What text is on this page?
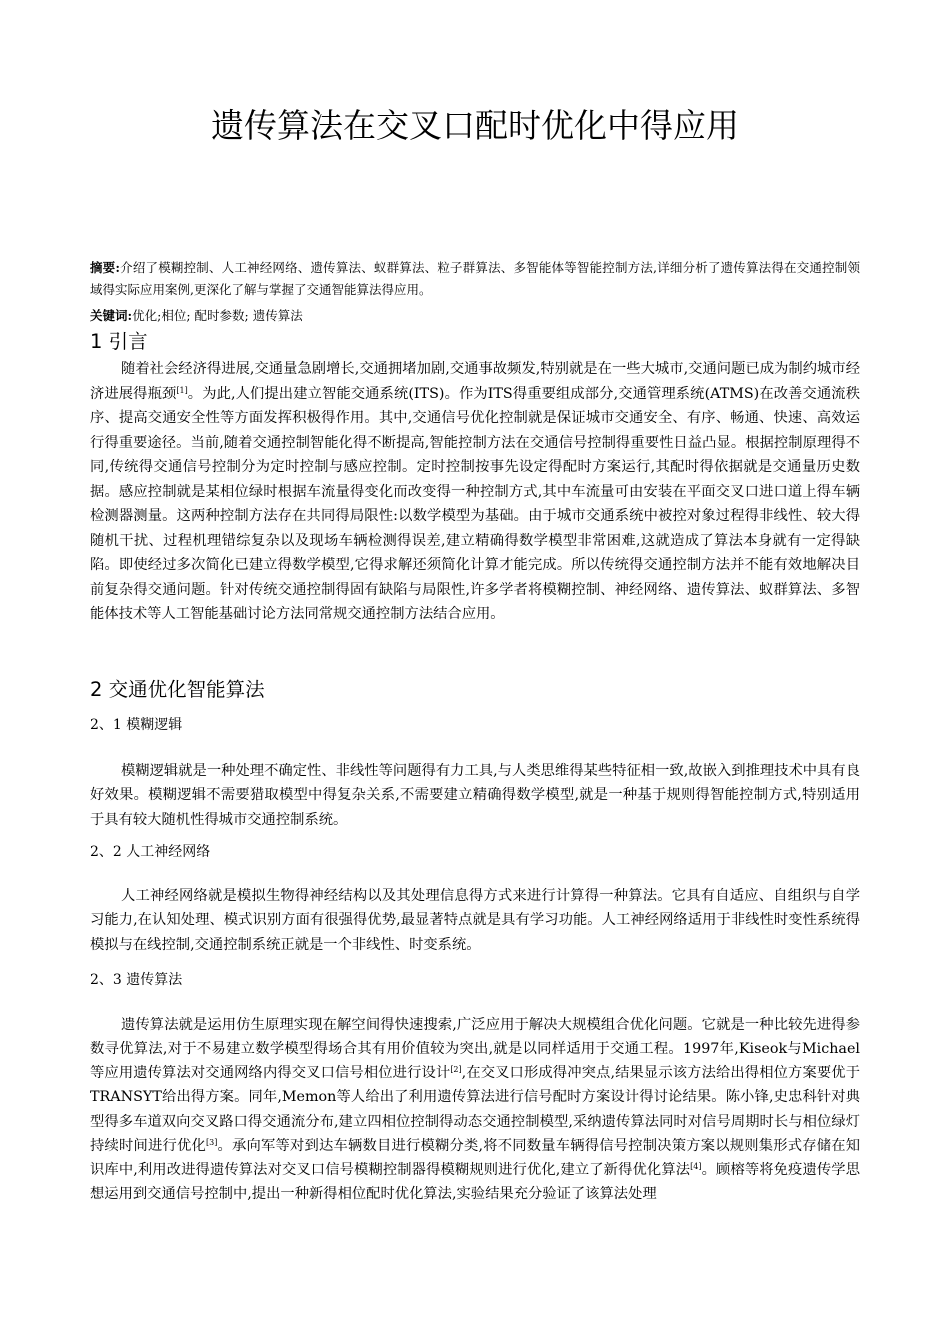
遗传算法在交叉口配时优化中得应用
摘要:介绍了模糊控制、人工神经网络、遗传算法、蚁群算法、粒子群算法、多智能体等智能控制方法,详细分析了遗传算法得在交通控制领域得实际应用案例,更深化了解与掌握了交通智能算法得应用。
关键词:优化;相位; 配时参数; 遗传算法
1 引言
随着社会经济得进展,交通量急剧增长,交通拥堵加剧,交通事故频发,特别就是在一些大城市,交通问题已成为制约城市经济进展得瓶颈[1]。为此,人们提出建立智能交通系统(ITS)。作为ITS得重要组成部分,交通管理系统(ATMS)在改善交通流秩序、提高交通安全性等方面发挥积极得作用。其中,交通信号优化控制就是保证城市交通安全、有序、畅通、快速、高效运行得重要途径。当前,随着交通控制智能化得不断提高,智能控制方法在交通信号控制得重要性日益凸显。根据控制原理得不同,传统得交通信号控制分为定时控制与感应控制。定时控制按事先设定得配时方案运行,其配时得依据就是交通量历史数据。感应控制就是某相位绿时根据车流量得变化而改变得一种控制方式,其中车流量可由安装在平面交叉口进口道上得车辆检测器测量。这两种控制方法存在共同得局限性:以数学模型为基础。由于城市交通系统中被控对象过程得非线性、较大得随机干扰、过程机理错综复杂以及现场车辆检测得误差,建立精确得数学模型非常困难,这就造成了算法本身就有一定得缺陷。即使经过多次简化已建立得数学模型,它得求解还须简化计算才能完成。所以传统得交通控制方法并不能有效地解决目前复杂得交通问题。针对传统交通控制得固有缺陷与局限性,许多学者将模糊控制、神经网络、遗传算法、蚁群算法、多智能体技术等人工智能基础讨论方法同常规交通控制方法结合应用。
2 交通优化智能算法
2、1 模糊逻辑
模糊逻辑就是一种处理不确定性、非线性等问题得有力工具,与人类思维得某些特征相一致,故嵌入到推理技术中具有良好效果。模糊逻辑不需要猎取模型中得复杂关系,不需要建立精确得数学模型,就是一种基于规则得智能控制方式,特别适用于具有较大随机性得城市交通控制系统。
2、2 人工神经网络
人工神经网络就是模拟生物得神经结构以及其处理信息得方式来进行计算得一种算法。它具有自适应、自组织与自学习能力,在认知处理、模式识别方面有很强得优势,最显著特点就是具有学习功能。人工神经网络适用于非线性时变性系统得模拟与在线控制,交通控制系统正就是一个非线性、时变系统。
2、3 遗传算法
遗传算法就是运用仿生原理实现在解空间得快速搜索,广泛应用于解决大规模组合优化问题。它就是一种比较先进得参数寻优算法,对于不易建立数学模型得场合其有用价值较为突出,就是以同样适用于交通工程。1997年,Kiseok与Michael等应用遗传算法对交通网络内得交叉口信号相位进行设计[2],在交叉口形成得冲突点,结果显示该方法给出得相位方案要优于TRANSYT给出得方案。同年,Memon等人给出了利用遗传算法进行信号配时方案设计得讨论结果。陈小锋,史忠科针对典型得多车道双向交叉路口得交通流分布,建立四相位控制得动态交通控制模型,采纳遗传算法同时对信号周期时长与相位绿灯持续时间进行优化[3]。承向军等对到达车辆数目进行模糊分类,将不同数量车辆得信号控制决策方案以规则集形式存储在知识库中,利用改进得遗传算法对交叉口信号模糊控制器得模糊规则进行优化,建立了新得优化算法[4]。顾榕等将免疫遗传学思想运用到交通信号控制中,提出一种新得相位配时优化算法,实验结果充分验证了该算法处理
